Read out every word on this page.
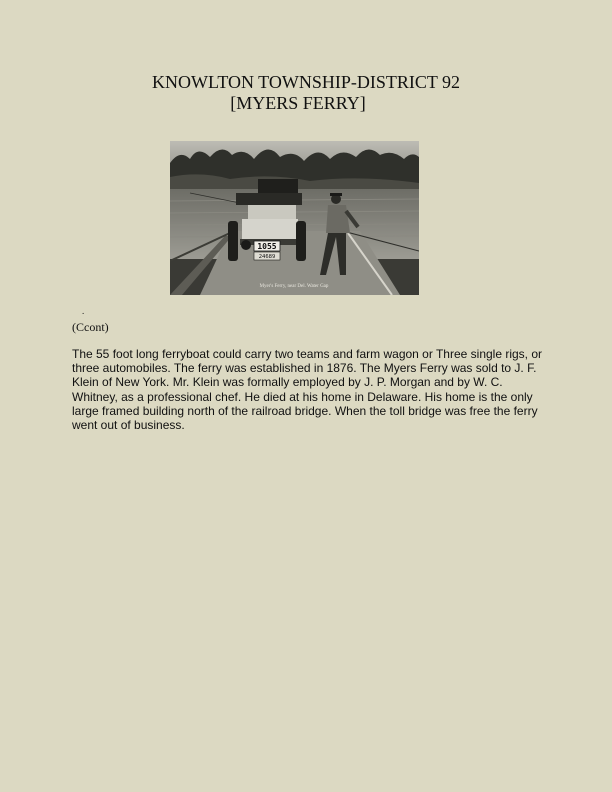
KNOWLTON TOWNSHIP-DISTRICT 92
[MYERS FERRY]
1055
24689
Myer's Ferry, near Del. Water Gap
.
(Ccont)
The 55 foot long ferryboat could carry two teams and farm wagon or Three single rigs, or three automobiles. The ferry was established in 1876. The Myers Ferry was sold to J. F. Klein of New York. Mr. Klein was formally employed by J. P. Morgan and by W. C. Whitney, as a professional chef. He died at his home in Delaware. His home is the only large framed building north of the railroad bridge. When the toll bridge was free the ferry went out of business.
